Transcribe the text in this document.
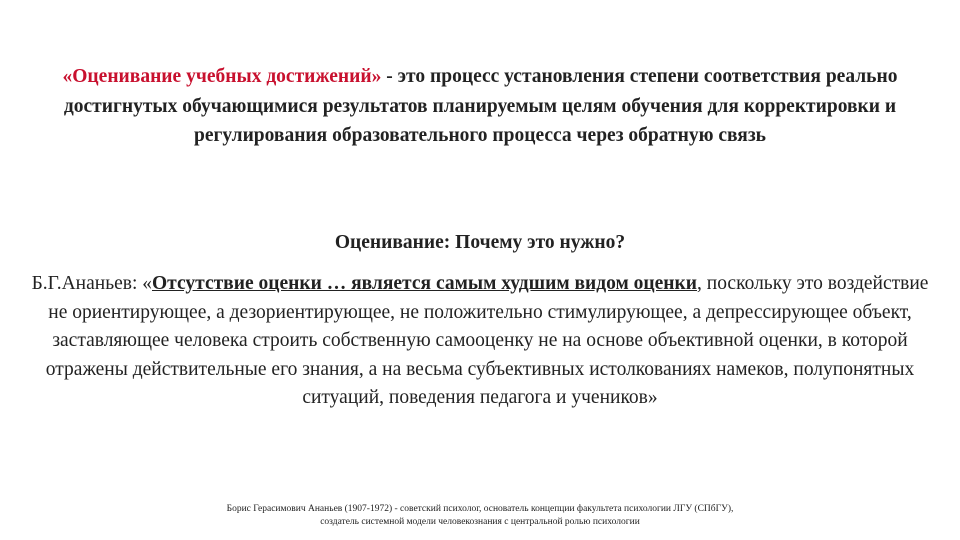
«Оценивание учебных достижений» - это процесс установления степени соответствия реально достигнутых обучающимися результатов планируемым целям обучения для корректировки и регулирования образовательного процесса через обратную связь
Оценивание: Почему это нужно?
Б.Г.Ананьев: «Отсутствие оценки … является самым худшим видом оценки, поскольку это воздействие не ориентирующее, а дезориентирующее, не положительно стимулирующее, а депрессирующее объект, заставляющее человека строить собственную самооценку не на основе объективной оценки, в которой отражены действительные его знания, а на весьма субъективных истолкованиях намеков, полупонятных ситуаций, поведения педагога и учеников»
Борис Герасимович Ананьев (1907-1972) - советский психолог, основатель концепции факультета психологии ЛГУ (СПбГУ),
создатель системной модели человекознания с центральной ролью психологии
